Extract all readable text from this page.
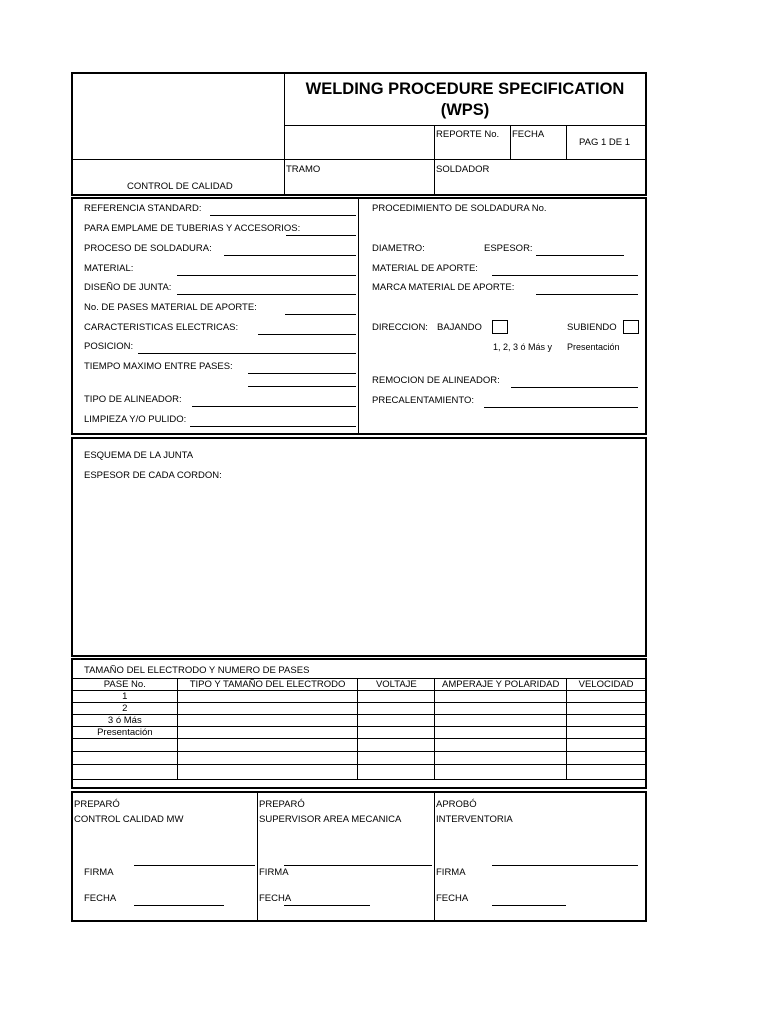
WELDING PROCEDURE SPECIFICATION
(WPS)
REPORTE No. FECHA
PAG 1 DE 1
CONTROL DE CALIDAD
TRAMO	SOLDADOR
REFERENCIA STANDARD:
PARA EMPLAME DE TUBERIAS Y ACCESORIOS:
PROCESO DE SOLDADURA:
MATERIAL:
DISEÑO DE JUNTA:
No. DE PASES MATERIAL DE APORTE:
CARACTERISTICAS ELECTRICAS:
POSICION:
TIEMPO MAXIMO ENTRE PASES:
TIPO DE ALINEADOR:
LIMPIEZA Y/O PULIDO:
PROCEDIMIENTO DE SOLDADURA No.
DIAMETRO:	ESPESOR:
MATERIAL DE APORTE:
MARCA MATERIAL DE APORTE:
DIRECCION: BAJANDO	SUBIENDO
1, 2, 3 ó Más y Presentación
REMOCION DE ALINEADOR:
PRECALENTAMIENTO:
ESQUEMA DE LA JUNTA
ESPESOR DE CADA CORDON:
TAMAÑO DEL ELECTRODO Y NUMERO DE PASES
PASE No.	TIPO Y TAMAÑO DEL ELECTRODO	VOLTAJE	AMPERAJE Y POLARIDAD	VELOCIDAD
1				
2				
3 ó Más				
Presentación				

PREPARÓ
CONTROL CALIDAD MW
FIRMA
FECHA
PREPARÓ
SUPERVISOR AREA MECANICA
FIRMA
FECHA
APROBÓ
INTERVENTORIA
FIRMA
FECHA
